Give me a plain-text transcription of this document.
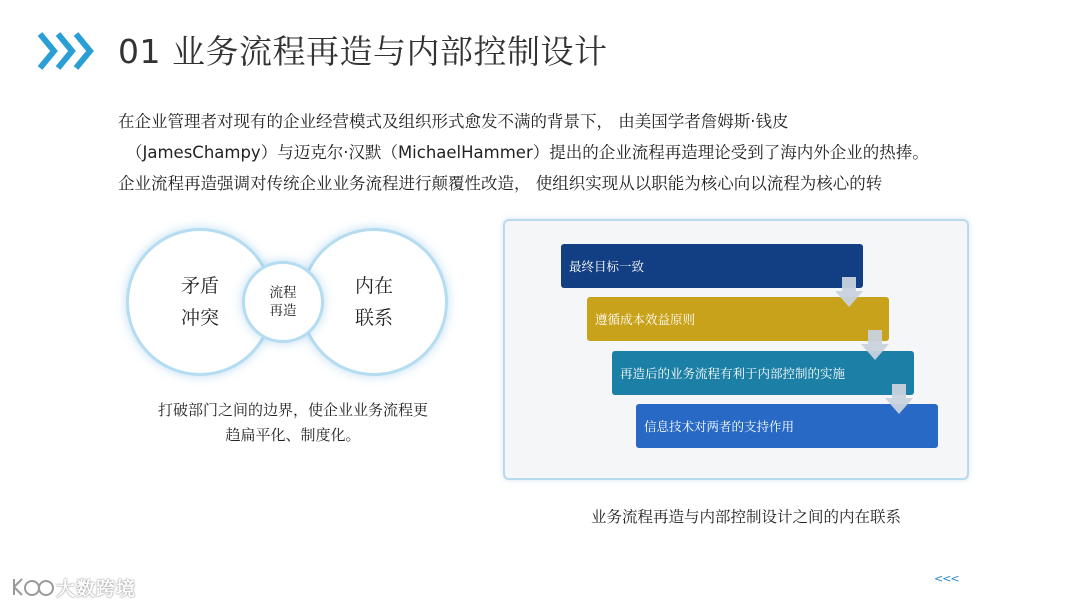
01 业务流程再造与内部控制设计
在企业管理者对现有的企业经营模式及组织形式愈发不满的背景下， 由美国学者詹姆斯·钱皮
（JamesChampy）与迈克尔·汉默（MichaelHammer）提出的企业流程再造理论受到了海内外企业的热捧。
企业流程再造强调对传统企业业务流程进行颠覆性改造， 使组织实现从以职能为核心向以流程为核心的转
矛盾
冲突
内在
联系
流程
再造
打破部门之间的边界，使企业业务流程更
趋扁平化、制度化。
最终目标一致
遵循成本效益原则
再造后的业务流程有利于内部控制的实施
信息技术对两者的支持作用
业务流程再造与内部控制设计之间的内在联系
大数跨境	<<<
